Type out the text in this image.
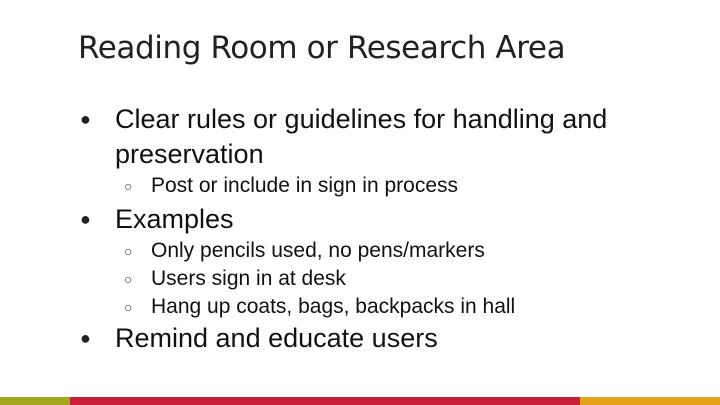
Reading Room or Research Area
● Clear rules or guidelines for handling and preservation
○ Post or include in sign in process
● Examples
○ Only pencils used, no pens/markers
○ Users sign in at desk
○ Hang up coats, bags, backpacks in hall
● Remind and educate users
